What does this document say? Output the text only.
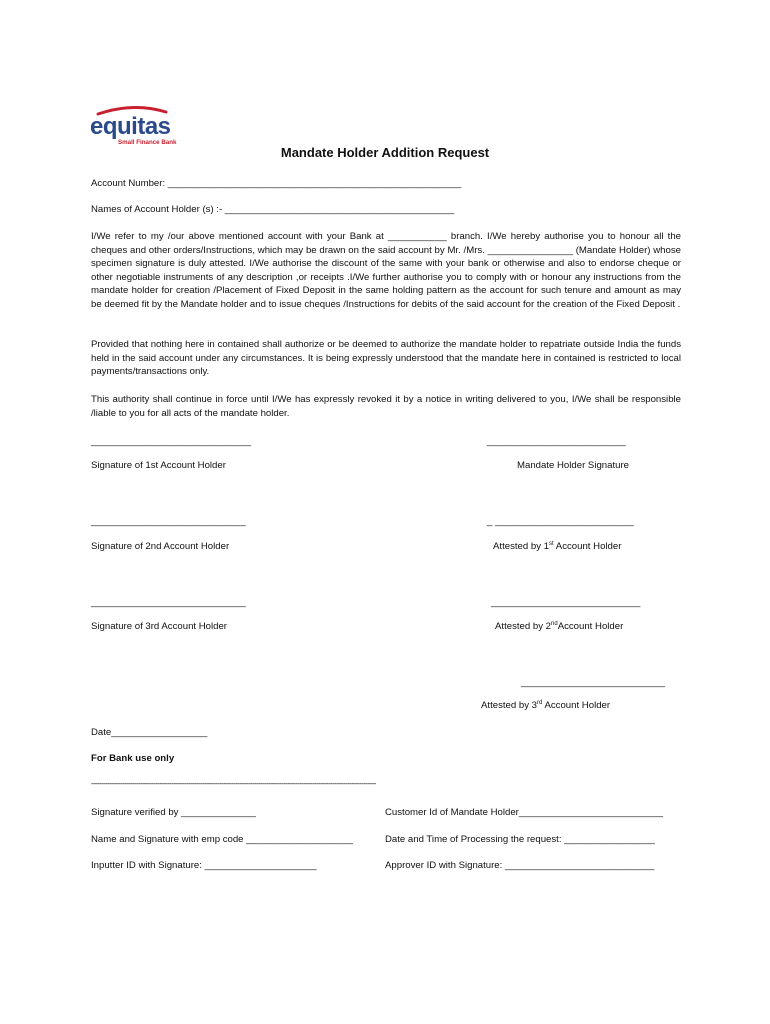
equitas
Small Finance Bank
Mandate Holder Addition Request
Account Number: _______________________________________________________
Names of Account Holder (s) :- ___________________________________________
I/We refer to my /our above mentioned account with your Bank at ___________ branch. I/We hereby authorise you to honour all the cheques and other orders/Instructions, which may be drawn on the said account by Mr. /Mrs. ________________ (Mandate Holder) whose specimen signature is duly attested. I/We authorise the discount of the same with your bank or otherwise and also to endorse cheque or other negotiable instruments of any description ,or receipts .I/We further authorise you to comply with or honour any instructions from the mandate holder for creation /Placement of Fixed Deposit in the same holding pattern as the account for such tenure and amount as may be deemed fit by the Mandate holder and to issue cheques /Instructions for debits of the said account for the creation of the Fixed Deposit .
Provided that nothing here in contained shall authorize or be deemed to authorize the mandate holder to repatriate outside India the funds held in the said account under any circumstances. It is being expressly understood that the mandate here in contained is restricted to local payments/transactions only.
This authority shall continue in force until I/We has expressly revoked it by a notice in writing delivered to you, I/We shall be responsible /liable to you for all acts of the mandate holder.
______________________________	__________________________
Signature of 1st Account Holder	Mandate Holder Signature
_____________________________	_ __________________________
Signature of 2nd Account Holder	Attested by 1st Account Holder
_____________________________	____________________________
Signature of 3rd Account Holder	Attested by 2ndAccount Holder
___________________________
Attested by 3rd Account Holder
Date__________________
For Bank use only
------------------------------------------------------------------------------------------------------------------------------------------
Signature verified by ______________	Customer Id of Mandate Holder___________________________
Name and Signature with emp code ____________________	Date and Time of Processing the request: _________________
Inputter ID with Signature: _____________________	Approver ID with Signature: ____________________________
